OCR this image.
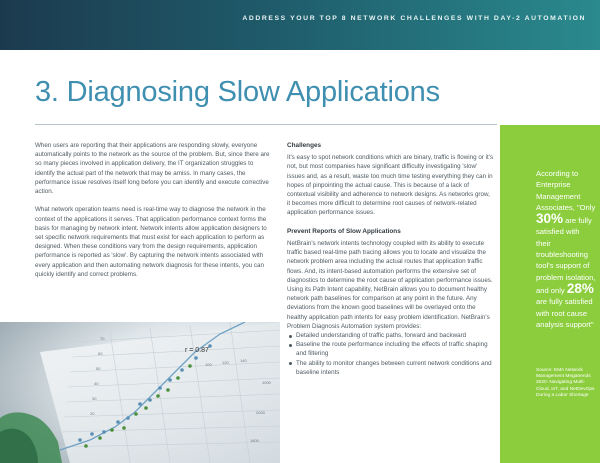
ADDRESS YOUR TOP 8 NETWORK CHALLENGES WITH DAY-2 AUTOMATION
3. Diagnosing Slow Applications

When users are reporting that their applications are responding slowly, everyone automatically points to the network as the source of the problem. But, since there are so many pieces involved in application delivery, the IT organization struggles to identify the actual part of the network that may be amiss. In many cases, the performance issue resolves itself long before you can identify and execute corrective action.

What network operation teams need is real-time way to diagnose the network in the context of the applications it serves. That application performance context forms the basis for managing by network intent. Network intents allow application designers to set specific network requirements that must exist for each application to perform as designed. When these conditions vary from the design requirements, application performance is reported as 'slow'. By capturing the network intents associated with every application and then automating network diagnosis for these intents, you can quickly identify and correct problems.

Challenges

It's easy to spot network conditions which are binary, traffic is flowing or it's not, but most companies have significant difficulty investigating 'slow' issues and, as a result, waste too much time testing everything they can in hopes of pinpointing the actual cause. This is because of a lack of contextual visibility and adherence to network designs. As networks grow, it becomes more difficult to determine root causes of network-related application performance issues.

Prevent Reports of Slow Applications

NetBrain's network intents technology coupled with its ability to execute traffic based real-time path tracing allows you to locate and visualize the network problem area including the actual routes that application traffic flows. And, its intent-based automation performs the extensive set of diagnostics to determine the root cause of application performance issues. Using its Path Intent capability, NetBrain allows you to document healthy network path baselines for comparison at any point in the future. Any deviations from the known good baselines will be overlayed onto the healthy application path intents for easy problem identification. NetBrain's Problem Diagnosis Automation system provides:

Detailed understanding of traffic paths, forward and backward
Baseline the route performance including the effects of traffic shaping and filtering
The ability to monitor changes between current network conditions and baseline intents
According to Enterprise Management Associates, "Only 30% are fully satisfied with their troubleshooting tool's support of problem isolation, and only 28% are fully satisfied with root cause analysis support"
Source: EMA Network Management Megatrends 2020: Navigating Multi-Cloud, IoT, and NetDevOps During a Labor Shortage
r = 0.87
70
60
50
40
30
20
100	120	140
1000
2000
1600
